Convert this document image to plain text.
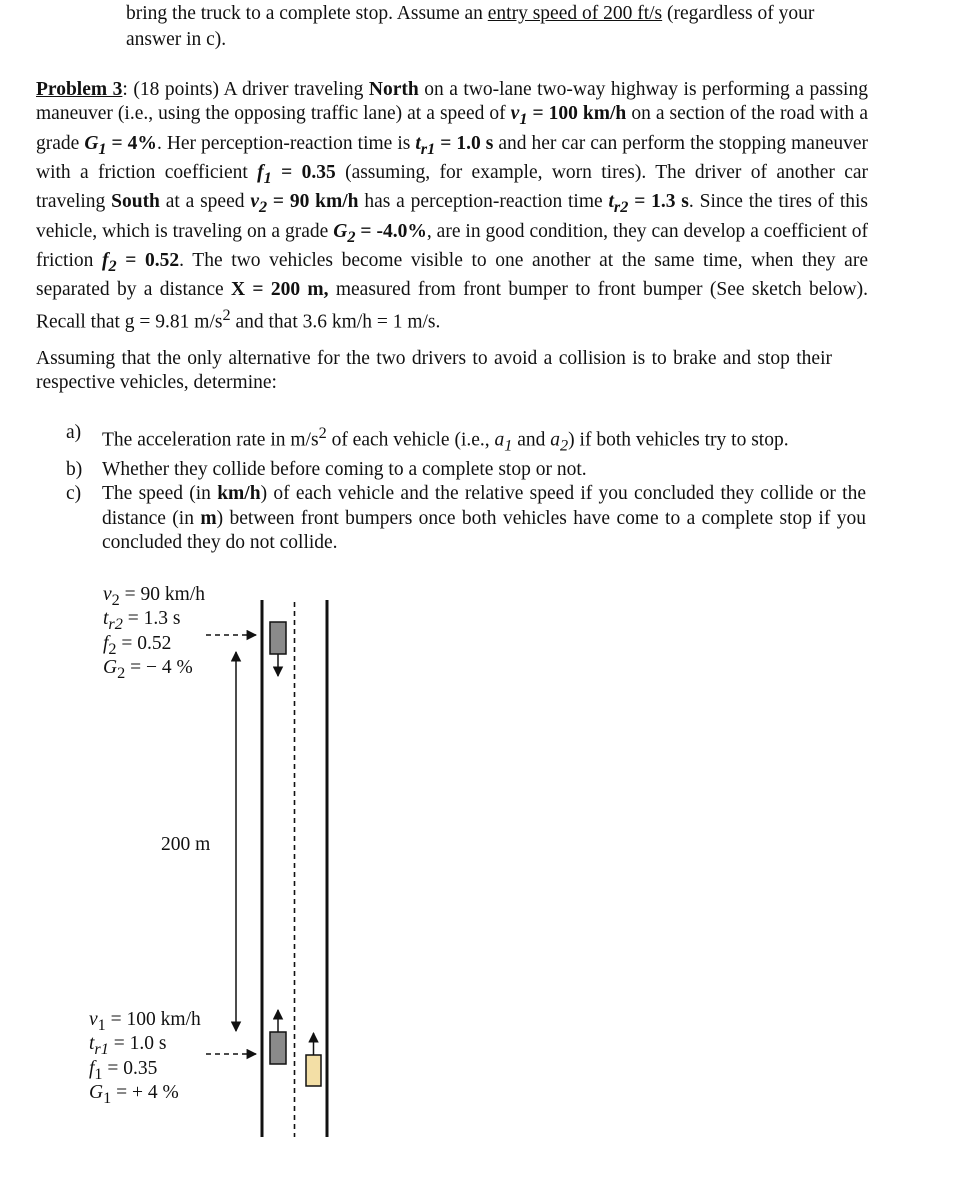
bring the truck to a complete stop. Assume an entry speed of 200 ft/s (regardless of your

answer in c).

Problem 3: (18 points) A driver traveling North on a two-lane two-way highway is performing a passing maneuver (i.e., using the opposing traffic lane) at a speed of $v_1 = 100$ km/h on a section of the road with a grade $G_1 = 4\%$. Her perception-reaction time is $t_{r1} = 1.0$ s and her car can perform the stopping maneuver with a friction coefficient $f_1 = 0.35$ (assuming, for example, worn tires). The driver of another car traveling South at a speed $v_2 = 90$ km/h has a perception-reaction time $t_{r2} = 1.3$ s. Since the tires of this vehicle, which is traveling on a grade $G_2 = -4.0\%$, are in good condition, they can develop a coefficient of friction $f_2 = 0.52$. The two vehicles become visible to one another at the same time, when they are separated by a distance X = 200 m, measured from front bumper to front bumper (See sketch below). Recall that g = 9.81 $m/s^2$ and that 3.6 km/h = 1 m/s.

Assuming that the only alternative for the two drivers to avoid a collision is to brake and stop their respective vehicles, determine:

a) The acceleration rate in $m/s^2$ of each vehicle (i.e., $a_1$ and $a_2$) if both vehicles try to stop.
b) Whether they collide before coming to a complete stop or not.
c) The speed (in km/h) of each vehicle and the relative speed if you concluded they collide or the distance (in m) between front bumpers once both vehicles have come to a complete stop if you concluded they do not collide.
$v_2 = 90$ km/h
$t_{r2} = 1.3$ s
$f_2 = 0.52$
$G_2$ = − 4 %
200 m
$v_1 = 100$ km/h
$t_{r1} = 1.0$ s
$f_1 = 0.35$
$G_1$ = + 4 %
